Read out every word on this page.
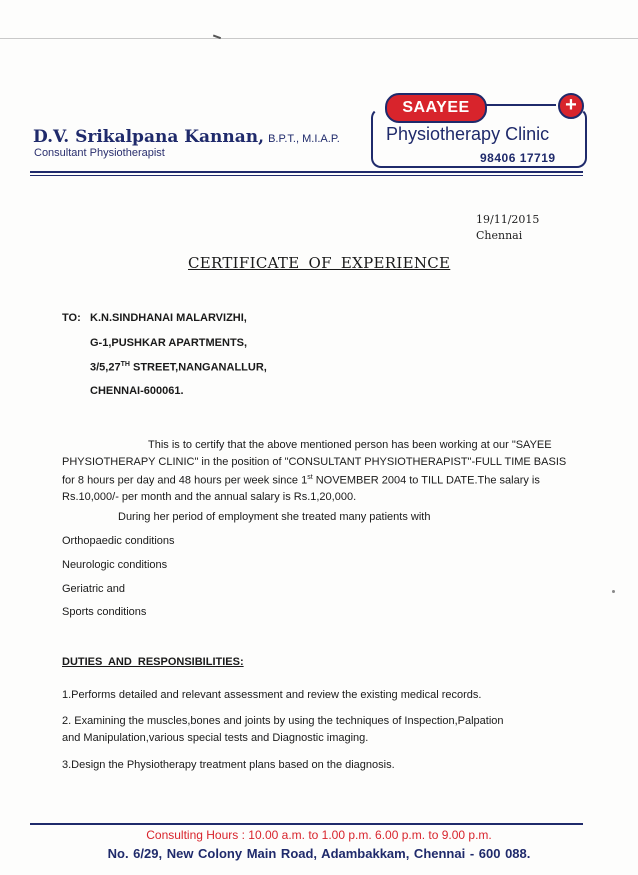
D.V. Srikalpana Kannan, B.P.T., M.I.A.P.
Consultant Physiotherapist
SAAYEE	+
Physiotherapy Clinic
98406 17719
19/11/2015
Chennai
CERTIFICATE OF EXPERIENCE
TO: K.N.SINDHANAI MALARVIZHI,
G-1,PUSHKAR APARTMENTS,
3/5,27TH STREET,NANGANALLUR,
CHENNAI-600061.
This is to certify that the above mentioned person has been working at our "SAYEE PHYSIOTHERAPY CLINIC" in the position of "CONSULTANT PHYSIOTHERAPIST"-FULL TIME BASIS for 8 hours per day and 48 hours per week since 1st NOVEMBER 2004 to TILL DATE.The salary is Rs.10,000/- per month and the annual salary is Rs.1,20,000.
During her period of employment she treated many patients with
Orthopaedic conditions
Neurologic conditions
Geriatric and
Sports conditions
DUTIES AND RESPONSIBILITIES:
1.Performs detailed and relevant assessment and review the existing medical records.
2. Examining the muscles,bones and joints by using the techniques of Inspection,Palpation and Manipulation,various special tests and Diagnostic imaging.
3.Design the Physiotherapy treatment plans based on the diagnosis.
Consulting Hours : 10.00 a.m. to 1.00 p.m. 6.00 p.m. to 9.00 p.m.
No. 6/29, New Colony Main Road, Adambakkam, Chennai - 600 088.
